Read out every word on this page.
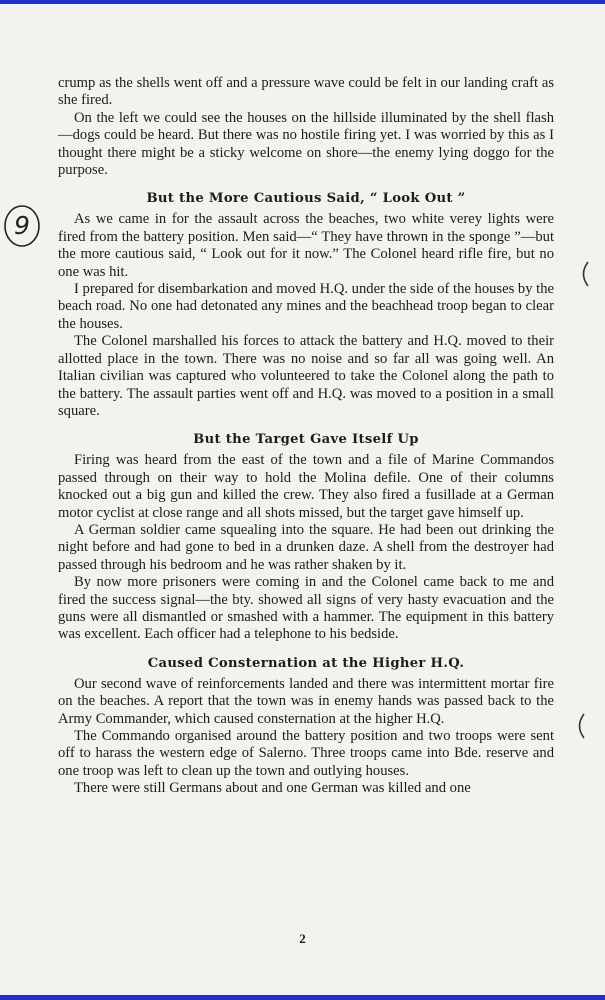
9

crump as the shells went off and a pressure wave could be felt in our landing craft as she fired.

On the left we could see the houses on the hillside illuminated by the shell flash—dogs could be heard. But there was no hostile firing yet. I was worried by this as I thought there might be a sticky welcome on shore—the enemy lying doggo for the purpose.

But the More Cautious Said, “ Look Out ”

As we came in for the assault across the beaches, two white verey lights were fired from the battery position. Men said—“ They have thrown in the sponge ”—but the more cautious said, “ Look out for it now.” The Colonel heard rifle fire, but no one was hit.

I prepared for disembarkation and moved H.Q. under the side of the houses by the beach road. No one had detonated any mines and the beachhead troop began to clear the houses.

The Colonel marshalled his forces to attack the battery and H.Q. moved to their allotted place in the town. There was no noise and so far all was going well. An Italian civilian was captured who volunteered to take the Colonel along the path to the battery. The assault parties went off and H.Q. was moved to a position in a small square.

But the Target Gave Itself Up

Firing was heard from the east of the town and a file of Marine Commandos passed through on their way to hold the Molina defile. One of their columns knocked out a big gun and killed the crew. They also fired a fusillade at a German motor cyclist at close range and all shots missed, but the target gave himself up.

A German soldier came squealing into the square. He had been out drinking the night before and had gone to bed in a drunken daze. A shell from the destroyer had passed through his bedroom and he was rather shaken by it.

By now more prisoners were coming in and the Colonel came back to me and fired the success signal—the bty. showed all signs of very hasty evacuation and the guns were all dismantled or smashed with a hammer. The equipment in this battery was excellent. Each officer had a telephone to his bedside.

Caused Consternation at the Higher H.Q.

Our second wave of reinforcements landed and there was intermittent mortar fire on the beaches. A report that the town was in enemy hands was passed back to the Army Commander, which caused consternation at the higher H.Q.

The Commando organised around the battery position and two troops were sent off to harass the western edge of Salerno. Three troops came into Bde. reserve and one troop was left to clean up the town and outlying houses.

There were still Germans about and one German was killed and one

2
